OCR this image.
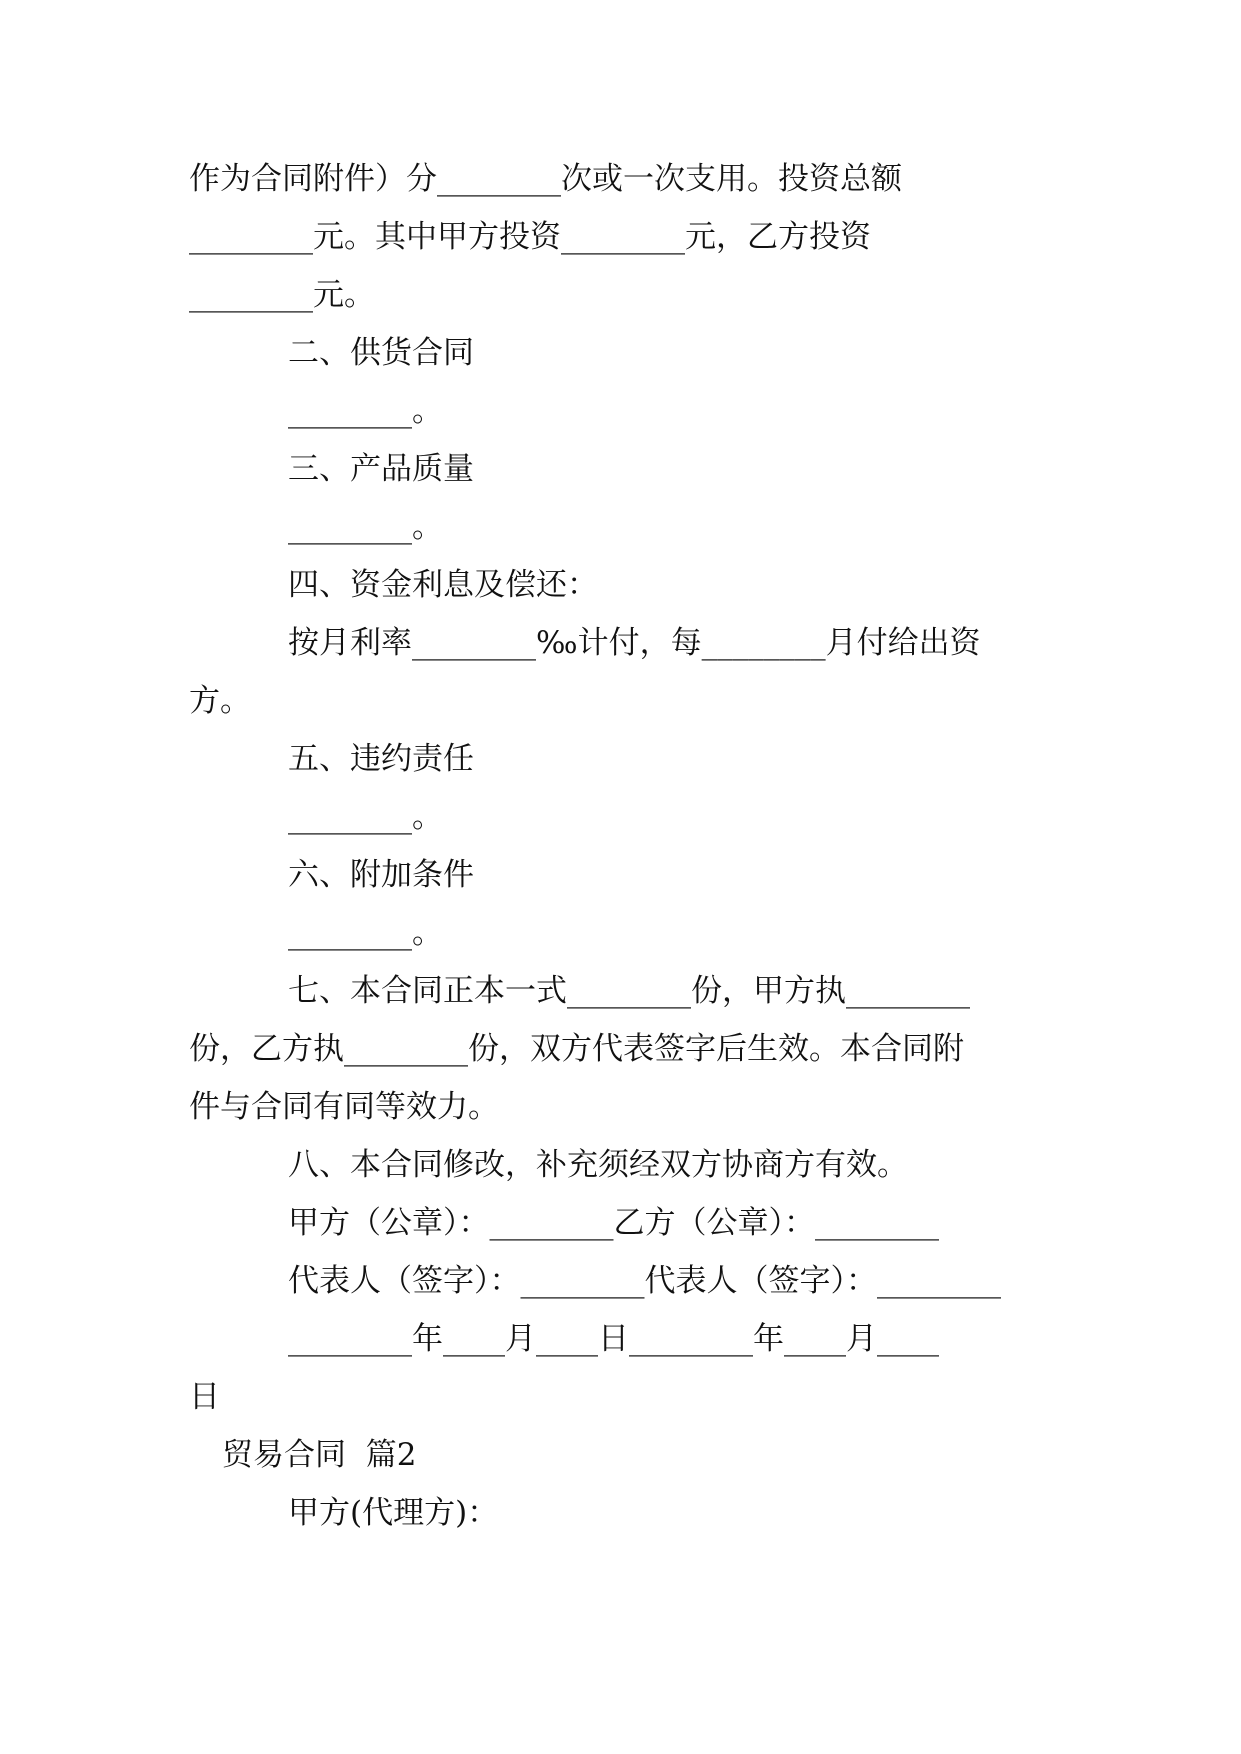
作为合同附件）分________次或一次支用。投资总额
________元。其中甲方投资________元，乙方投资
________元。
二、供货合同
________。
三、产品质量
________。
四、资金利息及偿还：
按月利率________‰计付，每________月付给出资
方。
五、违约责任
________。
六、附加条件
________。
七、本合同正本一式________份，甲方执________
份，乙方执________份，双方代表签字后生效。本合同附
件与合同有同等效力。
八、本合同修改，补充须经双方协商方有效。
甲方（公章）：________乙方（公章）：________
代表人（签字）：________代表人（签字）：________
________年____月____日________年____月____
日
贸易合同  篇2
甲方(代理方)：
